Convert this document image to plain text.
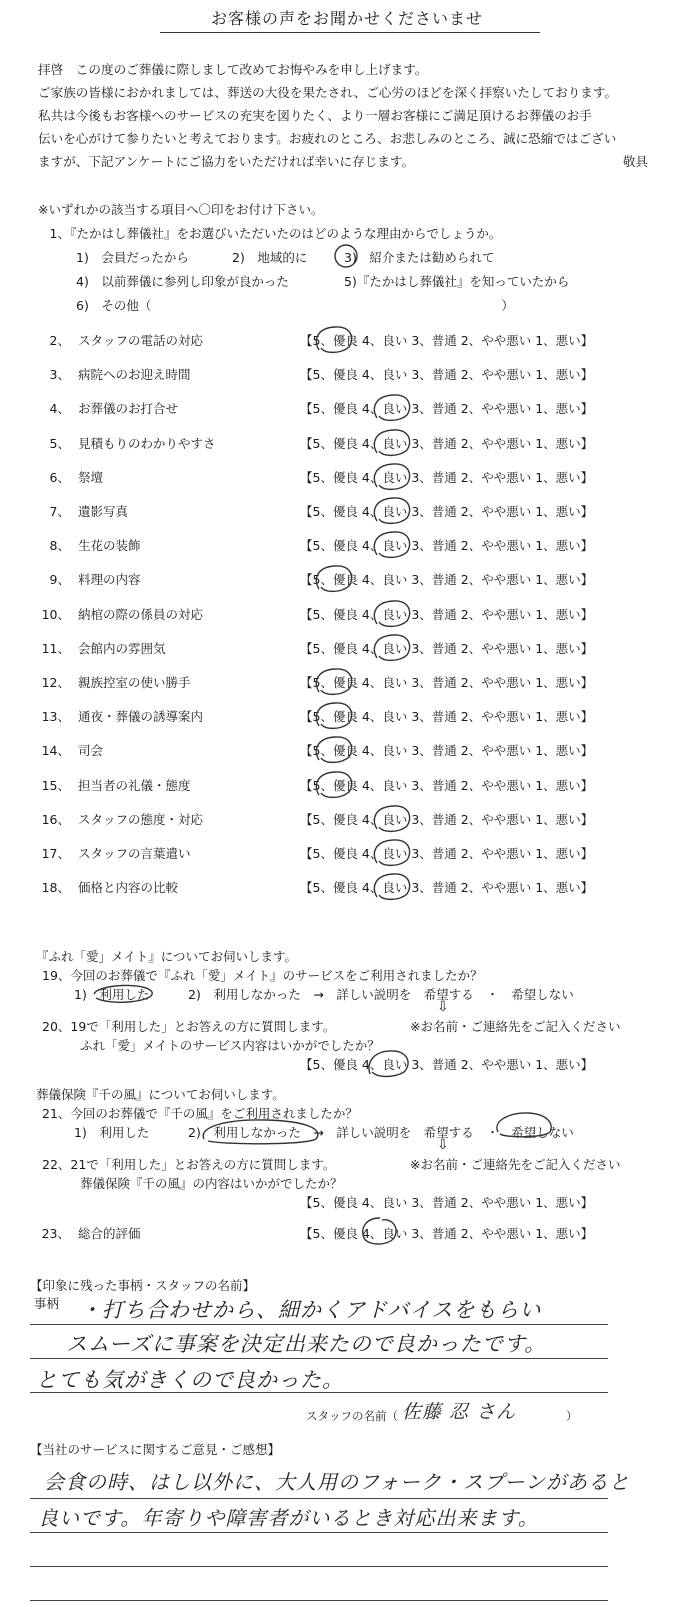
お客様の声をお聞かせくださいませ
拝啓　この度のご葬儀に際しまして改めてお悔やみを申し上げます。
ご家族の皆様におかれましては、葬送の大役を果たされ、ご心労のほどを深く拝察いたしております。
私共は今後もお客様へのサービスの充実を図りたく、より一層お客様にご満足頂けるお葬儀のお手
伝いを心がけて参りたいと考えております。お疲れのところ、お悲しみのところ、誠に恐縮ではござい
ますが、下記アンケートにご協力をいただければ幸いに存じます。	敬具
※いずれかの該当する項目へ〇印をお付け下さい。
1、
『たかはし葬儀社』をお選びいただいたのはどのような理由からでしょうか。
1)　会員だったから	2)　地域的に	3)　紹介または勧められて
4)　以前葬儀に参列し印象が良かった	5)『たかはし葬儀社』を知っていたから
6)　その他（　　　　　　　　　　　　　　　　　　　　　　　　　　　　）
2、 スタッフの電話の対応	【5、優良 4、良い 3、普通 2、やや悪い 1、悪い】
3、 病院へのお迎え時間	【5、優良 4、良い 3、普通 2、やや悪い 1、悪い】
4、 お葬儀のお打合せ	【5、優良 4、良い 3、普通 2、やや悪い 1、悪い】
5、 見積もりのわかりやすさ	【5、優良 4、良い 3、普通 2、やや悪い 1、悪い】
6、 祭壇	【5、優良 4、良い 3、普通 2、やや悪い 1、悪い】
7、 遺影写真	【5、優良 4、良い 3、普通 2、やや悪い 1、悪い】
8、 生花の装飾	【5、優良 4、良い 3、普通 2、やや悪い 1、悪い】
9、 料理の内容	【5、優良 4、良い 3、普通 2、やや悪い 1、悪い】
10、 納棺の際の係員の対応	【5、優良 4、良い 3、普通 2、やや悪い 1、悪い】
11、 会館内の雰囲気	【5、優良 4、良い 3、普通 2、やや悪い 1、悪い】
12、 親族控室の使い勝手	【5、優良 4、良い 3、普通 2、やや悪い 1、悪い】
13、 通夜・葬儀の誘導案内	【5、優良 4、良い 3、普通 2、やや悪い 1、悪い】
14、 司会	【5、優良 4、良い 3、普通 2、やや悪い 1、悪い】
15、 担当者の礼儀・態度	【5、優良 4、良い 3、普通 2、やや悪い 1、悪い】
16、 スタッフの態度・対応	【5、優良 4、良い 3、普通 2、やや悪い 1、悪い】
17、 スタッフの言葉遣い	【5、優良 4、良い 3、普通 2、やや悪い 1、悪い】
18、 価格と内容の比較	【5、優良 4、良い 3、普通 2、やや悪い 1、悪い】
『ふれ「愛」メイト』についてお伺いします。
19、今回のお葬儀で『ふれ「愛」メイト』のサービスをご利用されましたか？
1)　利用した	2)　利用しなかった　→　詳しい説明を　希望する　・　希望しない
⇩
20、19で「利用した」とお答えの方に質問します。	※お名前・ご連絡先をご記入ください
ふれ「愛」メイトのサービス内容はいかがでしたか？
【5、優良 4、良い 3、普通 2、やや悪い 1、悪い】
葬儀保険『千の風』についてお伺いします。
21、今回のお葬儀で『千の風』をご利用されましたか？
1)　利用した	2)　利用しなかった　→　詳しい説明を　希望する　・　希望しない
⇩
22、21で「利用した」とお答えの方に質問します。	※お名前・ご連絡先をご記入ください
葬儀保険『千の風』の内容はいかがでしたか？
【5、優良 4、良い 3、普通 2、やや悪い 1、悪い】
23、 総合的評価	【5、優良 4、良い 3、普通 2、やや悪い 1、悪い】
【印象に残った事柄・スタッフの名前】
事柄 ・打ち合わせから、細かくアドバイスをもらい
スムーズに事案を決定出来たので良かったです。
とても気がきくので良かった。
スタッフの名前（ 佐藤 忍 さん	）
【当社のサービスに関するご意見・ご感想】
会食の時、はし以外に、大人用のフォーク・スプーンがあると
良いです。年寄りや障害者がいるとき対応出来ます。
